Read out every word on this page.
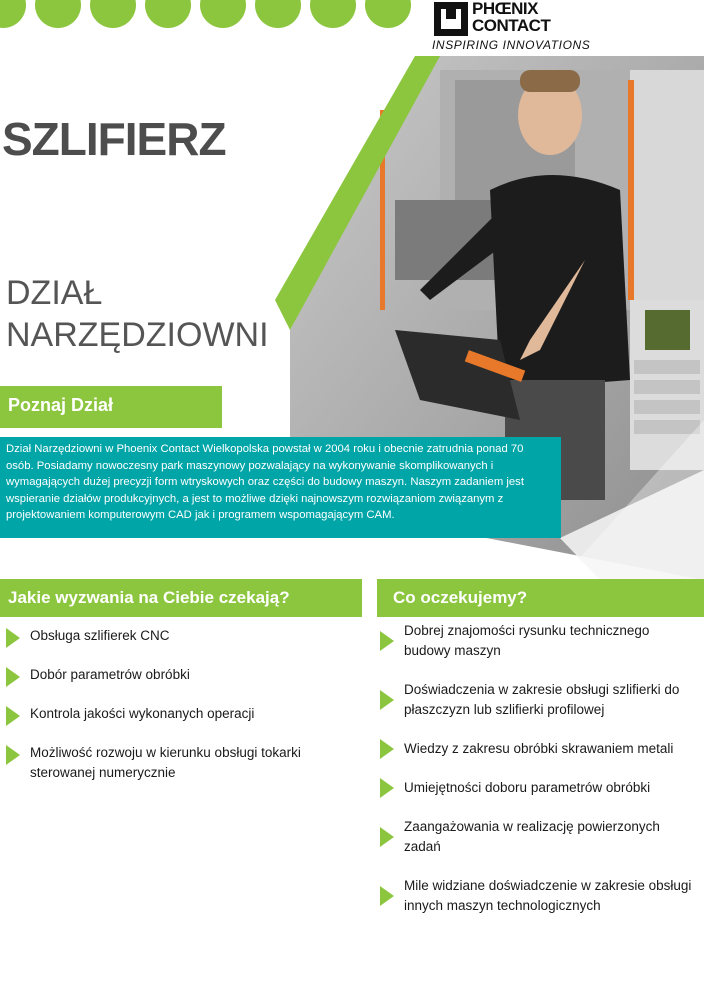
PHŒNIX
CONTACT
INSPIRING INNOVATIONS
SZLIFIERZ
DZIAŁ
NARZĘDZIOWNI
Poznaj Dział
Dział Narzędziowni w Phoenix Contact Wielkopolska powstał w 2004 roku i obecnie zatrudnia ponad 70 osób. Posiadamy nowoczesny park maszynowy pozwalający na wykonywanie skomplikowanych i wymagających dużej precyzji form wtryskowych oraz części do budowy maszyn. Naszym zadaniem jest wspieranie działów produkcyjnych, a jest to możliwe dzięki najnowszym rozwiązaniom związanym z projektowaniem komputerowym CAD jak i programem wspomagającym CAM.
Jakie wyzwania na Ciebie czekają?
Obsługa szlifierek CNC
Dobór parametrów obróbki
Kontrola jakości wykonanych operacji
Możliwość rozwoju w kierunku obsługi tokarki sterowanej numerycznie
Co oczekujemy?
Dobrej znajomości rysunku technicznego budowy maszyn
Doświadczenia w zakresie obsługi szlifierki do płaszczyzn lub szlifierki profilowej
Wiedzy z zakresu obróbki skrawaniem metali
Umiejętności doboru parametrów obróbki
Zaangażowania w realizację powierzonych zadań
Mile widziane doświadczenie w zakresie obsługi innych maszyn technologicznych
